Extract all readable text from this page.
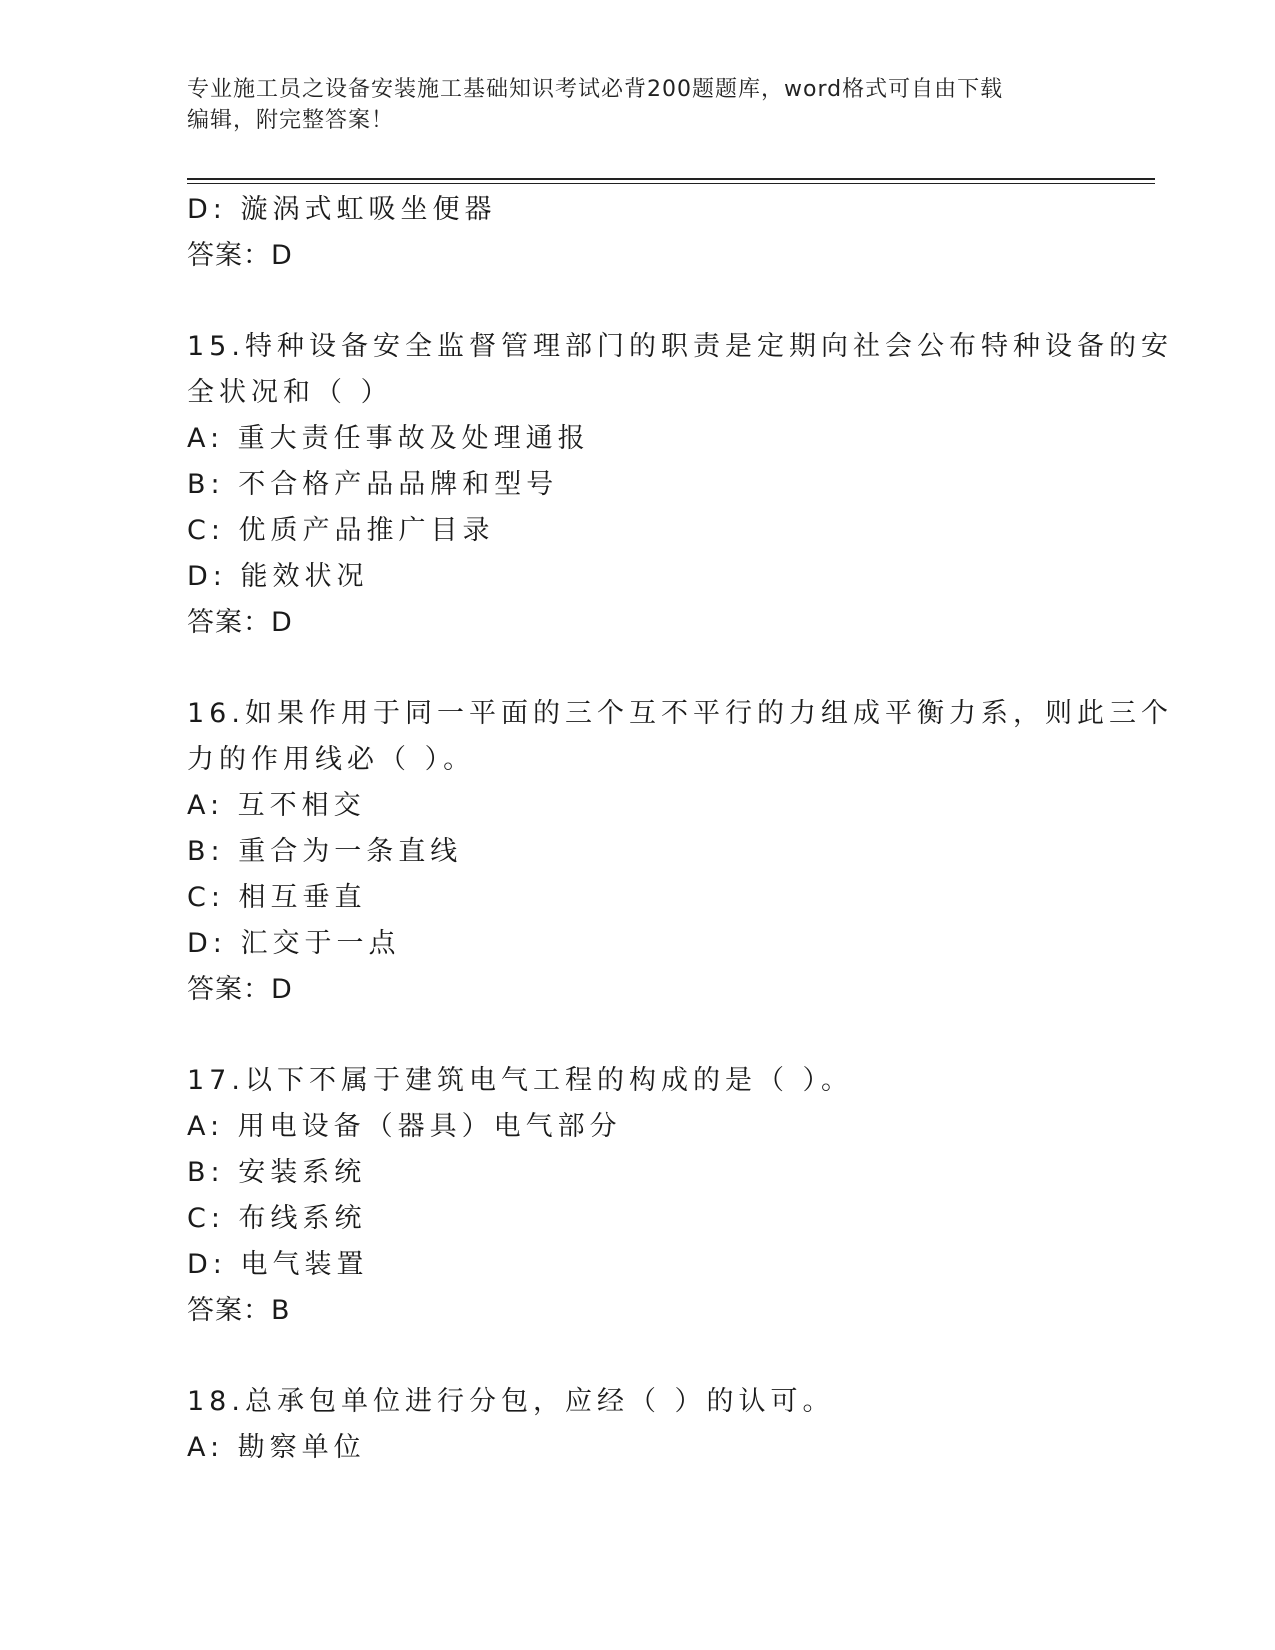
专业施工员之设备安装施工基础知识考试必背200题题库，word格式可自由下载
编辑，附完整答案！
D: 漩涡式虹吸坐便器
答案：D
15.特种设备安全监督管理部门的职责是定期向社会公布特种设备的安
全状况和（ ）
A: 重大责任事故及处理通报
B: 不合格产品品牌和型号
C: 优质产品推广目录
D: 能效状况
答案：D
16.如果作用于同一平面的三个互不平行的力组成平衡力系，则此三个
力的作用线必（ ）。
A: 互不相交
B: 重合为一条直线
C: 相互垂直
D: 汇交于一点
答案：D
17.以下不属于建筑电气工程的构成的是（ ）。
A: 用电设备（器具）电气部分
B: 安装系统
C: 布线系统
D: 电气装置
答案：B
18.总承包单位进行分包，应经（ ）的认可。
A: 勘察单位
